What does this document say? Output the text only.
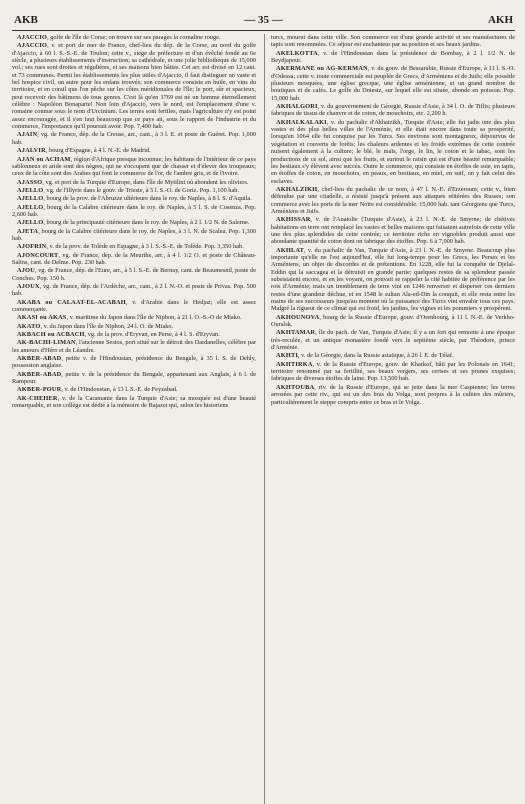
AKB	— 35 —	AKH

AJACCIO, golfe de l'île de Corse; on trouve sur ses parages la cornaline rouge.

AJACCIO, v. et port de mer de France, chef-lieu du dép. de la Corse, au nord du golfe d'Ajaccio, à 60 l. S.-S.-E. de Toulon; cette v., siége de préfecture et d'un évêché fondé au 6e siècle, a plusieurs établissements d'instruction; sa cathédrale, et une jolie bibliothèque de 15,000 vol.; ses rues sont droites et régulières, et ses maisons bien bâties. Cet arr. est divisé en 12 cant. et 73 communes. Parmi les établissements les plus utiles d'Ajaccio, il faut distinguer un vaste et bel hospice civil, un autre pour les enfans trouvés; son commerce consiste en huile, en vins du territoire, et en corail que l'on pêche sur les côtes méridionales de l'île; le port, sûr et spacieux, peut recevoir des bâtimens de tous genres. C'est là qu'en 1769 est né un homme éternellement célèbre : Napoléon Bonaparte! Non loin d'Ajaccio, vers le nord, est l'emplacement d'une v. romaine connue sous le nom d'Urcinium. Les terres sont fertiles, mais l'agriculture n'y est point assez encouragée, et il s'en faut beaucoup que ce pays ait, sous le rapport de l'industrie et du commerce, l'importance qu'il pourrait avoir. Pop. 7,400 hab.

AJAIN, vg. de France, dép. de la Creuse, arr., cant., à 3 l. E. et poste de Guéret. Pop. 1,000 hab.

AJALVIR, bourg d'Espagne, à 4 l. N.-E. de Madrid.

AJAN ou ACHAM, région d'Afrique presque inconnue; les habitans de l'intérieur de ce pays sablonneux et aride sont des nègres, qui ne s'occupent que de chasser et d'élever des troupeaux; ceux de la côte sont des Arabes qui font le commerce de l'or, de l'ambre gris, et de l'ivoire.

AJASSO, vg. et port de la Turquie d'Europe, dans l'île de Mytilini où abondent les oliviers.

AJELLO, vg. de l'Illyrie dans le gouv. de Trieste, à 5 l. S.-O. de Goriz. Pop. 1,100 hab.

AJELLO, bourg de la prov. de l'Abruzze ultérieure dans le roy. de Naples, à 8 l. S. d'Aquila.

AJELLO, bourg de la Calabre citérieure dans le roy. de Naples, à 5 l. S. de Cosenza. Pop. 2,600 hab.

AJELLO, bourg de la principauté citérieure dans le roy. de Naples, à 2 l. 1/2 N. de Salerne.

AJETA, bourg de la Calabre citérieure dans le roy. de Naples, à 3 l. N. de Scalea. Pop. 1,300 hab.

AJOFRIN, v. de la prov. de Tolède en Espagne, à 3 l. S.-S.-E. de Tolède. Pop. 3,350 hab.

AJONCOURT, vg. de France, dép. de la Meurthe, arr., à 4 l. 1/2 O. et poste de Château-Salins, cant. de Delme. Pop. 230 hab.

AJOU, vg. de France, dép. de l'Eure, arr., à 5 l. S.-E. de Bernay, cant. de Beaumesnil, poste de Conches. Pop. 150 h.

AJOUX, vg. de France, dép. de l'Ardèche, arr., cant., à 2 l. N.-O. et poste de Privas. Pop. 500 hab.

AKABA ou CALAAT-EL-ACABAH, v. d'Arabie dans le Hedjaz; elle est assez commerçante.

AKASI ou AKAS, v. maritime du Japon dans l'île de Niphon, à 21 l. O.-S.-O de Miako.

AKATO, v. du Japon dans l'île de Niphon, 24 l. O. de Miako.

AKBACH ou ACBACH, vg. de la prov. d'Eryvan, en Perse, à 4 l. S. d'Eryvan.

AK-BACHI-LIMAN, l'ancienne Sestos, port situé sur le détroit des Dardanelles, célèbre par les amours d'Héro et de Léandre.

AKBER-ABAD, petite v. de l'Hindoustan, présidence du Bengale, à 35 l. S. de Dehly, possession anglaise.

AKBER-ABAD, petite v. de la présidence du Bengale, appartenant aux Anglais, à 6 l. de Rampour.

AKBER-POUR, v. de l'Hindoustan, à 13 l. S.-E. de Feyzabad.

AK-CHEHER, v. de la Caramanie dans la Turquie d'Asie; sa mosquée est d'une beauté remarquable, et son collège est dédié à la mémoire de Bajazet qui, selon les historiens

turcs, mourut dans cette ville. Son commerce est d'une grande activité et ses manufactures de tapis sont renommées. Ce séjour est enchanteur par sa position et ses beaux jardins.

AKELKOTTA, v. de l'Hindoustan dans la présidence de Bombay, à 2 l. 1/2 N. de Beydjapour.

AKERMANE ou AG-KERMAN, v. du gouv. de Bessarabie, Russie d'Europe, à 11 l. S.-O. d'Odessa; cette v. toute commerciale est peuplée de Grecs, d'Arméniens et de Juifs; elle possède plusieurs mosquées, une église grecque, une église arménienne, et un grand nombre de boutiques et de cafés. Le golfe du Dniestz, sur lequel elle est située, abonde en poisson. Pop. 15,000 hab.

AKHALGORI, v. du gouvernement de Géorgie, Russie d'Asie, à 34 l. O. de Tiflis; plusieurs fabriques de tissus de chanvre et de coton, de mouchoirs, etc. 2,200 h.

AKHALKALAKI, v. du pachalic d'Akhatzikh, Turquie d'Asie; elle fut jadis une des plus vastes et des plus belles villes de l'Arménie, et elle était encore dans toute sa prospérité, lorsqu'en 1064 elle fut conquise par les Turcs. Ses environs sont montagneux, dépourvus de végétation et couverts de forêts; les chaleurs ardentes et les froids extrêmes de cette contrée nuisent également à la culture; le blé, le maïs, l'orge, le lin, le coton et le tabac, sont les productions de ce sol, ainsi que les fruits, et surtout le raisin qui est d'une beauté remarquable; les bestiaux s'y élèvent avec succès. Outre le commerce, qui consiste en étoffes de soie, en tapis, en étoffes de coton, en mouchoirs, en peaux, en bestiaux, en miel, en suif, on y fait celui des esclaves.

AKHALZIKH, chef-lieu du pachalic de ce nom, à 47 l. N.-E. d'Erzeroum; cette v., bien défendue par une citadelle, a résisté jusqu'à présent aux attaques réitérées des Russes; son commerce avec les ports de la mer Noire est considérable. 15,000 hab. tant Géorgiens que Turcs, Arméniens et Juifs.

AKHISSAR, v. de l'Anatolie (Turquie d'Asie), à 23 l. N.-E. de Smyrne; de chétives habitations en terre ont remplacé les vastes et belles maisons qui faisaient autrefois de cette ville une des plus splendides de cette contrée; ce territoire riche en vignobles produit aussi une abondante quantité de coton dont on fabrique des étoffes. Pop. 6 à 7,000 hab.

AKHLAT, v. du pachalic de Van, Turquie d'Asie, à 23 l. N.-E. de Smyrne. Beaucoup plus importante qu'elle ne l'est aujourd'hui, elle fut long-temps pour les Grecs, les Perses et les Arméniens, un objet de discordes et de prétentions. En 1228, elle fut la conquête de Djelal-Eddin qui la saccagea et la détruisit en grande partie; quelques restes de sa splendeur passée subsistaient encore, et en les voyant, on pouvait se rappeler la cité habitée de préférence par les rois d'Arménie; mais un tremblement de terre vint en 1246 renverser et disperser ces derniers restes d'une grandeur déchue, et en 1548 le sultan Ala-ed-Din la conquit, et elle resta entre les mains de ses successeurs jusqu'au moment où la puissance des Turcs vint envahir tous ces pays. Malgré la rigueur de ce climat qui est froid, les jardins, les vignes et les pommiers y prospèrent.

AKHOUNOVA, bourg de la Russie d'Europe, gouv. d'Orenbourg, à 11 l. N.-E. de Verkho-Ouralsk.

AKHTAMAR, île du pach. de Van, Turquie d'Asie; il y a un fort qui remonte à une époque très-reculée, et un antique monastère fondé vers le septième siècle, par Théodore, prince d'Arménie.

AKHTI, v. de la Géorgie, dans la Russie asiatique, à 26 l. E. de Télaf.

AKHTIRKA, v. de la Russie d'Europe, gouv. de Kharkof, bâti par les Polonais en 1641; territoire renommé par sa fertilité, ses beaux vergers, ses cerises et ses prunes exquises; fabriques de diverses étoffes de laine. Pop. 13,500 hab.

AKHTOUBA, riv. de la Russie d'Europe, qui se jette dans la mer Caspienne; les terres arrosées par cette riv., qui est un des bras du Volga, sont propres à la culture des mûriers, particulièrement le steppe compris entre ce bras et le Volga.
